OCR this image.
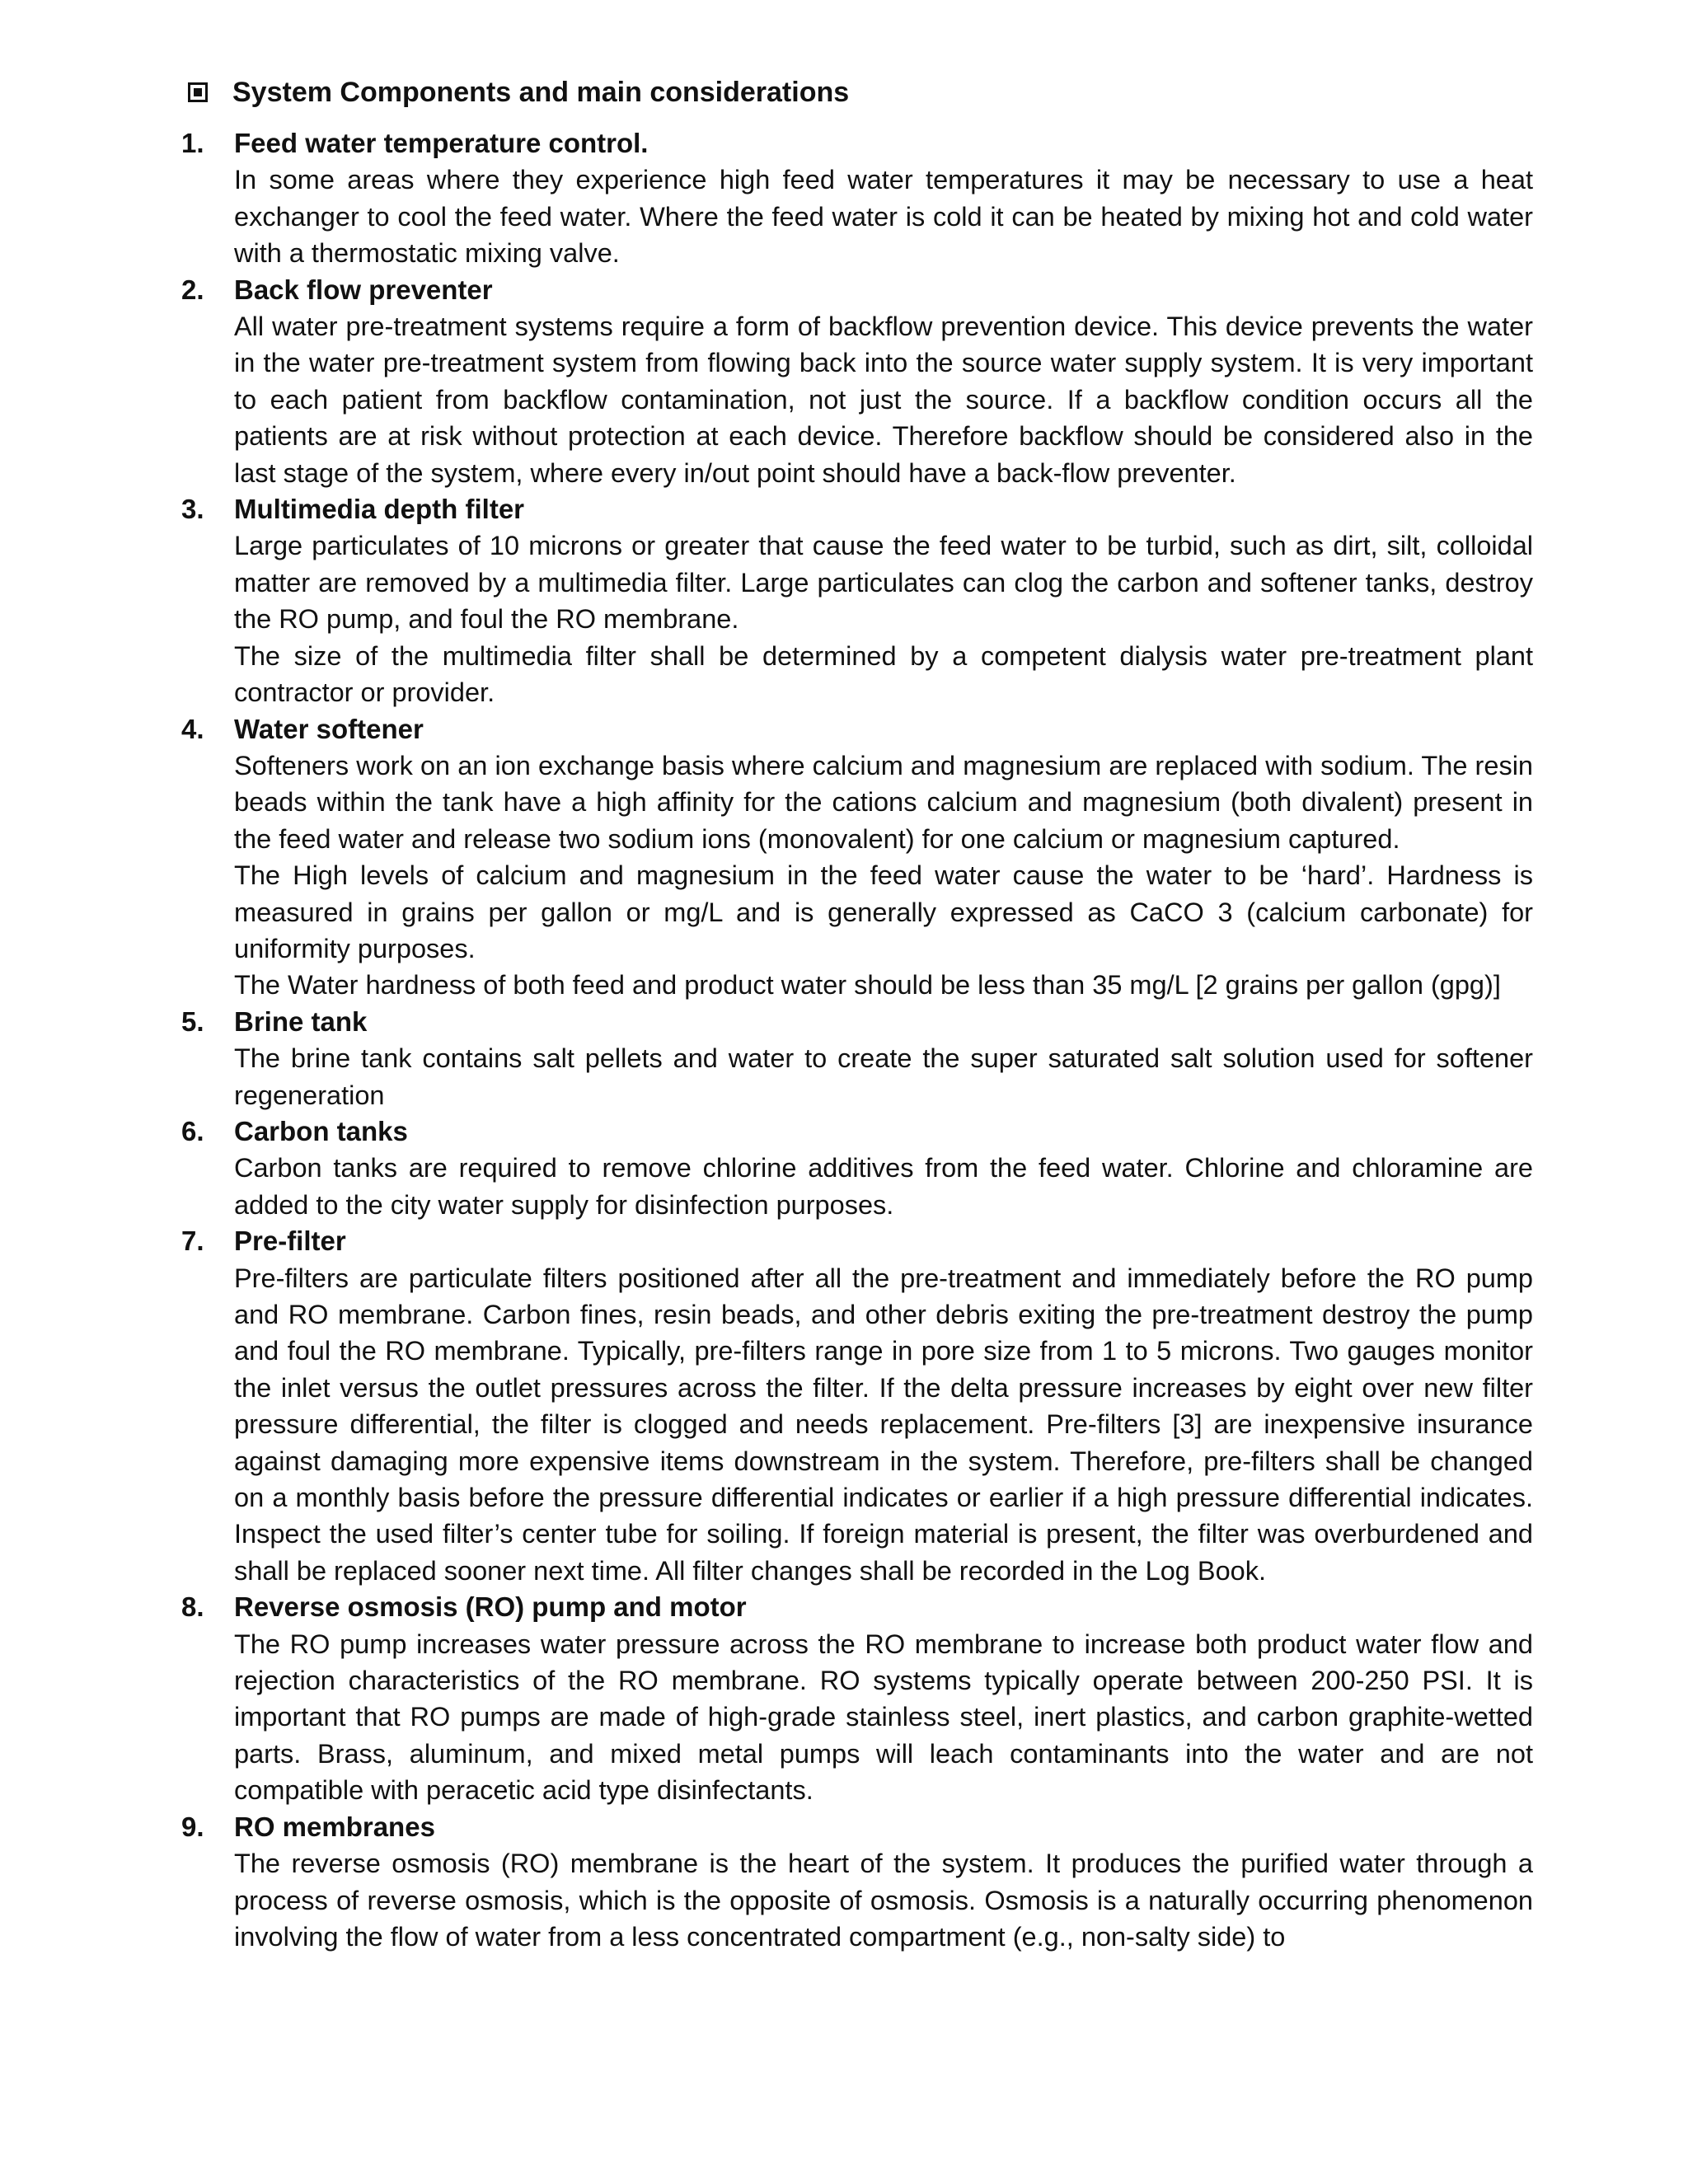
System Components and main considerations
1.	Feed water temperature control.

In some areas where they experience high feed water temperatures it may be necessary to use a heat exchanger to cool the feed water. Where the feed water is cold it can be heated by mixing hot and cold water with a thermostatic mixing valve.

2.	Back flow preventer

All water pre-treatment systems require a form of backflow prevention device. This device prevents the water in the water pre-treatment system from flowing back into the source water supply system. It is very important to each patient from backflow contamination, not just the source. If a backflow condition occurs all the patients are at risk without protection at each device. Therefore backflow should be considered also in the last stage of the system, where every in/out point should have a back-flow preventer.

3.	Multimedia depth filter

Large particulates of 10 microns or greater that cause the feed water to be turbid, such as dirt, silt, colloidal matter are removed by a multimedia filter. Large particulates can clog the carbon and softener tanks, destroy the RO pump, and foul the RO membrane.

The size of the multimedia filter shall be determined by a competent dialysis water pre-treatment plant contractor or provider.

4.	Water softener

Softeners work on an ion exchange basis where calcium and magnesium are replaced with sodium. The resin beads within the tank have a high affinity for the cations calcium and magnesium (both divalent) present in the feed water and release two sodium ions (monovalent) for one calcium or magnesium captured.

The High levels of calcium and magnesium in the feed water cause the water to be ‘hard’. Hardness is measured in grains per gallon or mg/L and is generally expressed as CaCO 3 (calcium carbonate) for uniformity purposes.

The Water hardness of both feed and product water should be less than 35 mg/L [2 grains per gallon (gpg)]

5.	Brine tank

The brine tank contains salt pellets and water to create the super saturated salt solution used for softener regeneration

6.	Carbon tanks

Carbon tanks are required to remove chlorine additives from the feed water. Chlorine and chloramine are added to the city water supply for disinfection purposes.

7.	Pre-filter

Pre-filters are particulate filters positioned after all the pre-treatment and immediately before the RO pump and RO membrane. Carbon fines, resin beads, and other debris exiting the pre-treatment destroy the pump and foul the RO membrane. Typically, pre-filters range in pore size from 1 to 5 microns. Two gauges monitor the inlet versus the outlet pressures across the filter. If the delta pressure increases by eight over new filter pressure differential, the filter is clogged and needs replacement. Pre-filters [3] are inexpensive insurance against damaging more expensive items downstream in the system. Therefore, pre-filters shall be changed on a monthly basis before the pressure differential indicates or earlier if a high pressure differential indicates. Inspect the used filter’s center tube for soiling. If foreign material is present, the filter was overburdened and shall be replaced sooner next time. All filter changes shall be recorded in the Log Book.

8.	Reverse osmosis (RO) pump and motor

The RO pump increases water pressure across the RO membrane to increase both product water flow and rejection characteristics of the RO membrane. RO systems typically operate between 200-250 PSI. It is important that RO pumps are made of high-grade stainless steel, inert plastics, and carbon graphite-wetted parts. Brass, aluminum, and mixed metal pumps will leach contaminants into the water and are not compatible with peracetic acid type disinfectants.

9.	RO membranes

The reverse osmosis (RO) membrane is the heart of the system. It produces the purified water through a process of reverse osmosis, which is the opposite of osmosis. Osmosis is a naturally occurring phenomenon involving the flow of water from a less concentrated compartment (e.g., non-salty side) to
